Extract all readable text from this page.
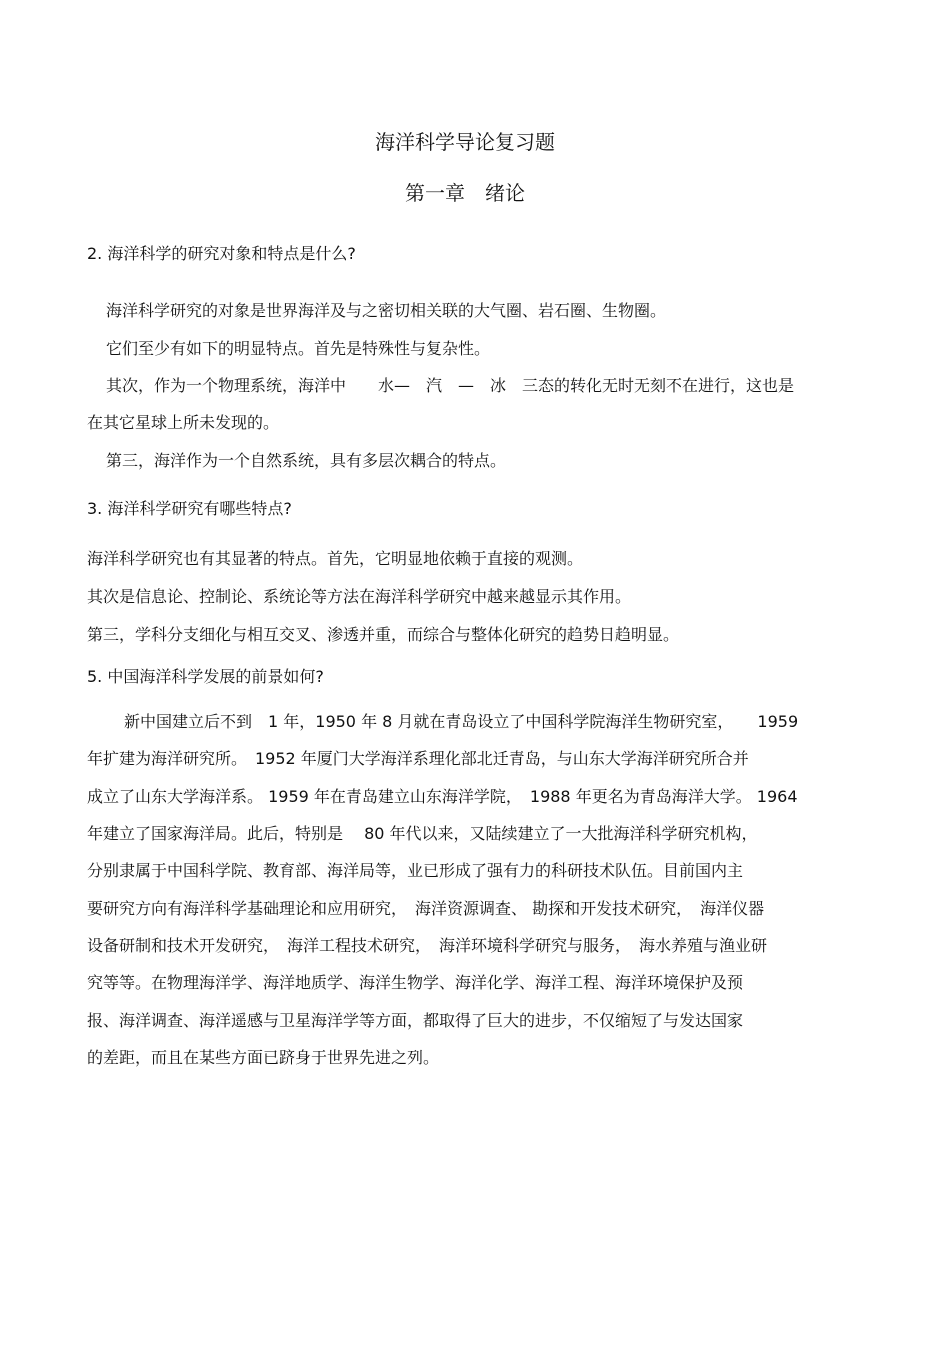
海洋科学导论复习题
第一章　绪论
2. 海洋科学的研究对象和特点是什么?
海洋科学研究的对象是世界海洋及与之密切相关联的大气圈、岩石圈、生物圈。
它们至少有如下的明显特点。首先是特殊性与复杂性。
其次，作为一个物理系统，海洋中　　水—　汽　—　冰　三态的转化无时无刻不在进行，这也是
在其它星球上所未发现的。
第三，海洋作为一个自然系统，具有多层次耦合的特点。
3. 海洋科学研究有哪些特点?
海洋科学研究也有其显著的特点。首先，它明显地依赖于直接的观测。
其次是信息论、控制论、系统论等方法在海洋科学研究中越来越显示其作用。
第三，学科分支细化与相互交叉、渗透并重，而综合与整体化研究的趋势日趋明显。
5. 中国海洋科学发展的前景如何?
新中国建立后不到　1 年，1950 年 8 月就在青岛设立了中国科学院海洋生物研究室，　　1959
年扩建为海洋研究所。　1952 年厦门大学海洋系理化部北迁青岛，与山东大学海洋研究所合并
成立了山东大学海洋系。 1959 年在青岛建立山东海洋学院，　1988 年更名为青岛海洋大学。 1964
年建立了国家海洋局。此后，特别是　 80 年代以来，又陆续建立了一大批海洋科学研究机构，
分别隶属于中国科学院、教育部、海洋局等，业已形成了强有力的科研技术队伍。目前国内主
要研究方向有海洋科学基础理论和应用研究，　海洋资源调查、 勘探和开发技术研究，　海洋仪器
设备研制和技术开发研究，　海洋工程技术研究，　海洋环境科学研究与服务，　海水养殖与渔业研
究等等。在物理海洋学、海洋地质学、海洋生物学、海洋化学、海洋工程、海洋环境保护及预
报、海洋调查、海洋遥感与卫星海洋学等方面，都取得了巨大的进步，不仅缩短了与发达国家
的差距，而且在某些方面已跻身于世界先进之列。
